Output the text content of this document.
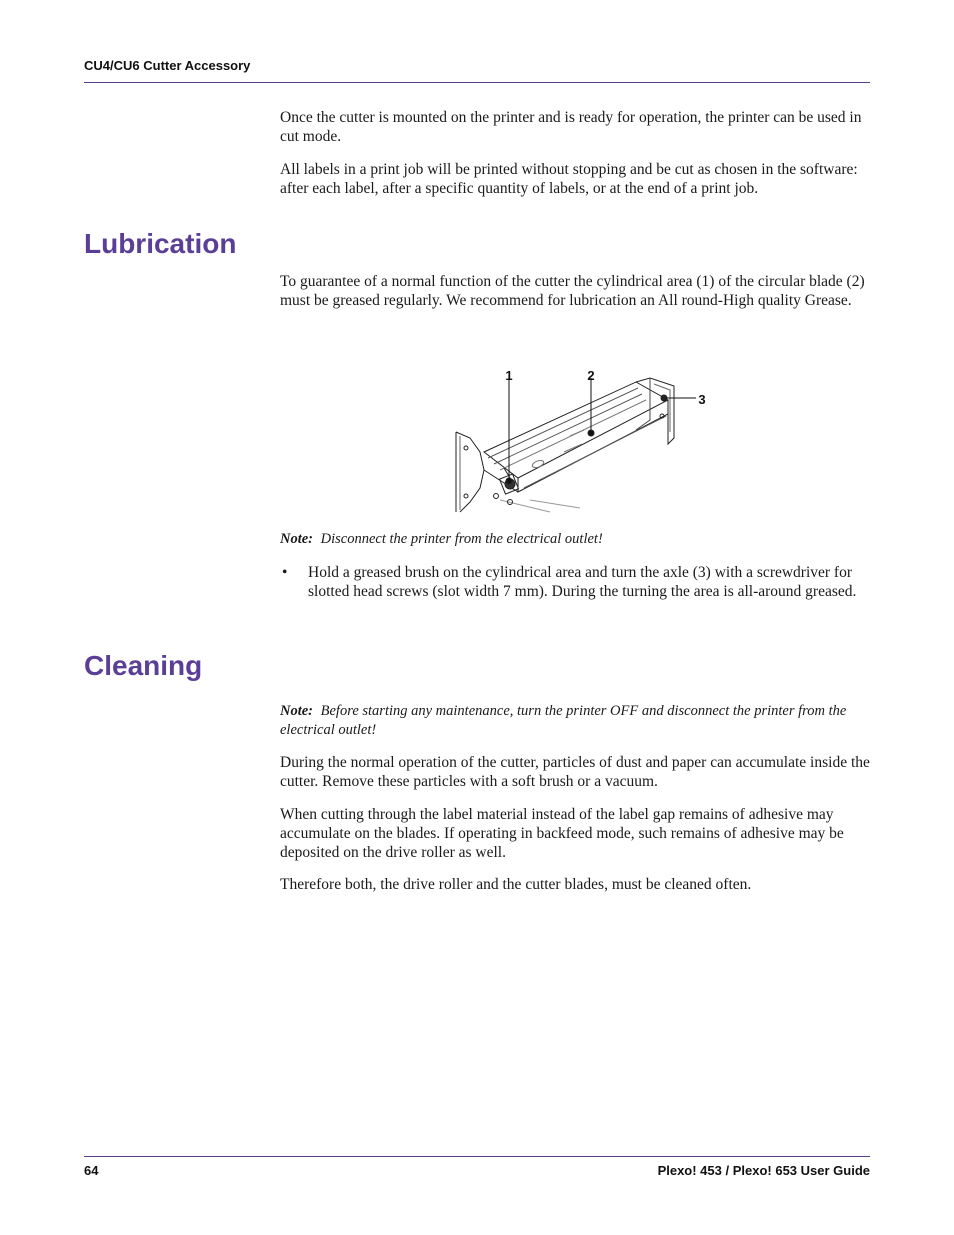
CU4/CU6 Cutter Accessory

Once the cutter is mounted on the printer and is ready for operation, the printer can be used in cut mode.

All labels in a print job will be printed without stopping and be cut as chosen in the software: after each label, after a specific quantity of labels, or at the end of a print job.

Lubrication

To guarantee of a normal function of the cutter the cylindrical area (1) of the circular blade (2) must be greased regularly. We recommend for lubrication an All round-High quality Grease.

1	2
3

Note: Disconnect the printer from the electrical outlet!

• Hold a greased brush on the cylindrical area and turn the axle (3) with a screwdriver for slotted head screws (slot width 7 mm). During the turning the area is all-around greased.
Cleaning

Note: Before starting any maintenance, turn the printer OFF and disconnect the printer from the electrical outlet!

During the normal operation of the cutter, particles of dust and paper can accumulate inside the cutter. Remove these particles with a soft brush or a vacuum.

When cutting through the label material instead of the label gap remains of adhesive may accumulate on the blades. If operating in backfeed mode, such remains of adhesive may be deposited on the drive roller as well.

Therefore both, the drive roller and the cutter blades, must be cleaned often.

64	Plexo! 453 / Plexo! 653 User Guide
